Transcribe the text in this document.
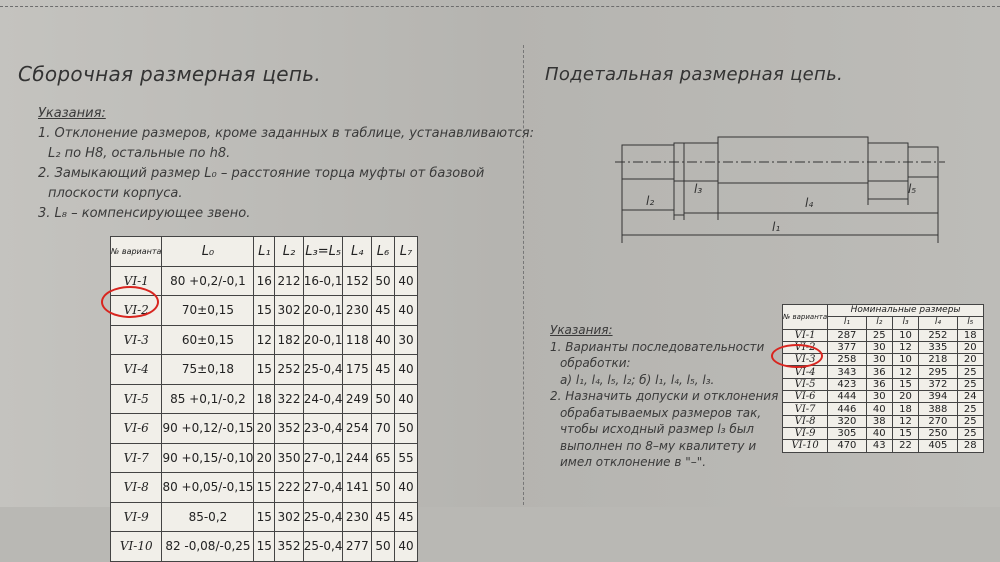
Сборочная размерная цепь.
Указания:
1. Отклонение размеров, кроме заданных в таблице, устанавливаются:
L₂ по H8, остальные по h8.
2. Замыкающий размер L₀ – расстояние торца муфты от базовой
плоскости корпуса.
3. L₈ – компенсирующее звено.
№ варианта	L₀	L₁	L₂	L₃=L₅	L₄	L₆	L₇
VI-1	80 +0,2/-0,1	16	212	16-0,1	152	50	40
VI-2	70±0,15	15	302	20-0,1	230	45	40
VI-3	60±0,15	12	182	20-0,1	118	40	30
VI-4	75±0,18	15	252	25-0,4	175	45	40
VI-5	85 +0,1/-0,2	18	322	24-0,4	249	50	40
VI-6	90 +0,12/-0,15	20	352	23-0,4	254	70	50
VI-7	90 +0,15/-0,10	20	350	27-0,1	244	65	55
VI-8	80 +0,05/-0,15	15	222	27-0,4	141	50	40
VI-9	85-0,2	15	302	25-0,4	230	45	45
VI-10	82 -0,08/-0,25	15	352	25-0,4	277	50	40
Подетальная размерная цепь.
l₂
l₃
l₄
l₅
l₁
Указания:
1. Варианты последовательности
обработки:
а) l₁, l₄, l₅, l₂; б) l₁, l₄, l₅, l₃.
2. Назначить допуски и отклонения
обрабатываемых размеров так,
чтобы исходный размер l₃ был
выполнен по 8–му квалитету и
имел отклонение в "–".
№ варианта	Номинальные размеры				
	l₁	l₂	l₃	l₄	l₅
VI-1	287	25	10	252	18
VI-2	377	30	12	335	20
VI-3	258	30	10	218	20
VI-4	343	36	12	295	25
VI-5	423	36	15	372	25
VI-6	444	30	20	394	24
VI-7	446	40	18	388	25
VI-8	320	38	12	270	25
VI-9	305	40	15	250	25
VI-10	470	43	22	405	28
